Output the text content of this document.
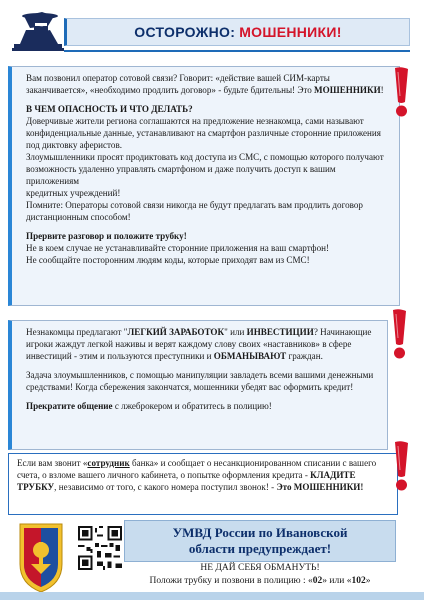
ОСТОРОЖНО: МОШЕННИКИ!

Вам позвонил оператор сотовой связи? Говорит: «действие вашей СИМ-карты заканчивается», «необходимо продлить договор» - будьте бдительны! Это МОШЕННИКИ!

В ЧЕМ ОПАСНОСТЬ И ЧТО ДЕЛАТЬ?

Доверчивые жители региона соглашаются на предложение незнакомца, сами называют конфиденциальные данные, устанавливают на смартфон различные сторонние приложения под диктовку аферистов.

Злоумышленники просят продиктовать код доступа из СМС, с помощью которого получают возможность удаленно управлять смартфоном и даже получить доступ к вашим приложениям

кредитных учреждений!

Помните: Операторы сотовой связи никогда не будут предлагать вам продлить договор дистанционным способом!

Прервите разговор и положите трубку!

Не в коем случае не устанавливайте сторонние приложения на ваш смартфон!

Не сообщайте посторонним людям коды, которые приходят вам из СМС!

Незнакомцы предлагают "ЛЕГКИЙ ЗАРАБОТОК" или ИНВЕСТИЦИИ? Начинающие игроки жаждут легкой наживы и верят каждому слову своих «наставников» в сфере инвестиций - этим и пользуются преступники и ОБМАНЫВАЮТ граждан.

Задача злоумышленников, с помощью манипуляции завладеть всеми вашими денежными средствами! Когда сбережения закончатся, мошенники убедят вас оформить кредит!

Прекратите общение с лжеброкером и обратитесь в полицию!

Если вам звонит «сотрудник банка» и сообщает о несанкционированном списании с вашего счета, о взломе вашего личного кабинета, о попытке оформления кредита - КЛАДИТЕ ТРУБКУ, независимо от того, с какого номера поступил звонок! - Это МОШЕННИКИ!

УМВД России по Ивановской
области предупреждает!
НЕ ДАЙ СЕБЯ ОБМАНУТЬ!
Положи трубку и позвони в полицию : «02» или «102»
